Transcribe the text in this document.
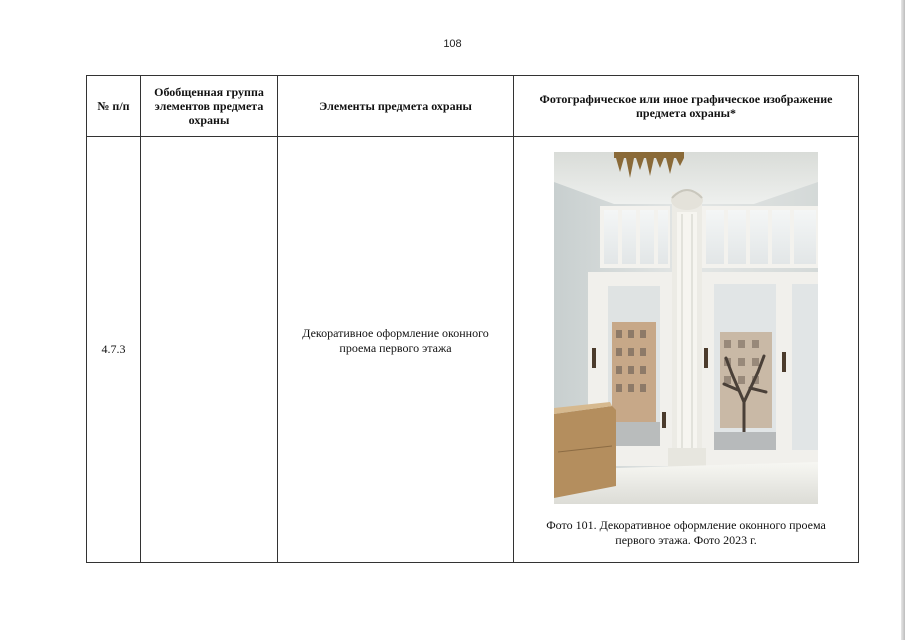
108
№ п/п	Обобщенная группа элементов предмета охраны	Элементы предмета охраны	Фотографическое или иное графическое изображение предмета охраны*
4.7.3		Декоративное оформление оконного проема первого этажа	Фото 101. Декоративное оформление оконного проема первого этажа. Фото 2023 г.
